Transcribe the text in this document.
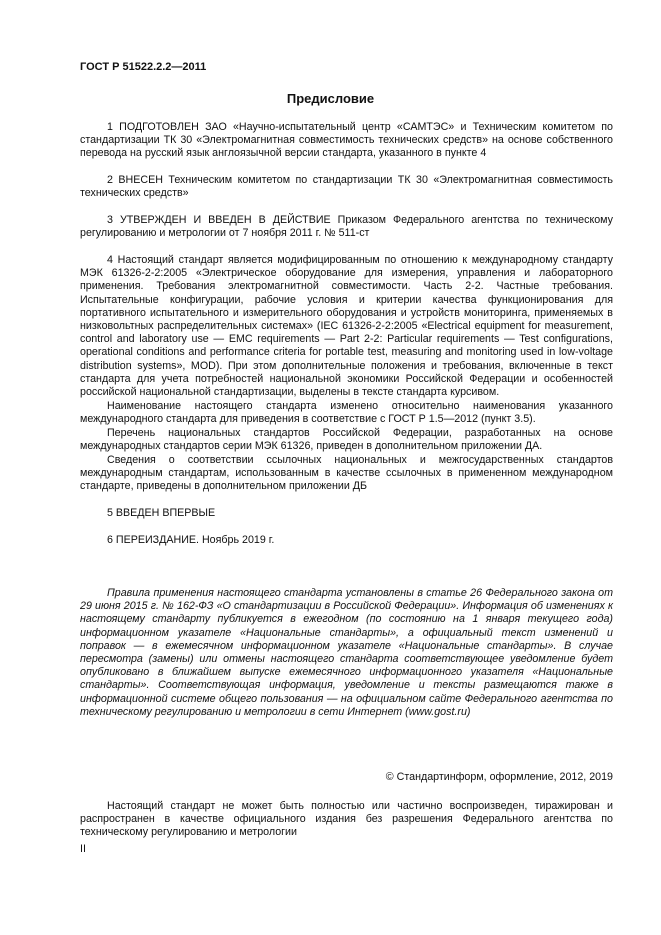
ГОСТ Р 51522.2.2—2011
Предисловие
1 ПОДГОТОВЛЕН ЗАО «Научно-испытательный центр «САМТЭС» и Техническим комитетом по стандартизации ТК 30 «Электромагнитная совместимость технических средств» на основе собственного перевода на русский язык англоязычной версии стандарта, указанного в пункте 4
2 ВНЕСЕН Техническим комитетом по стандартизации ТК 30 «Электромагнитная совместимость технических средств»
3 УТВЕРЖДЕН И ВВЕДЕН В ДЕЙСТВИЕ Приказом Федерального агентства по техническому регулированию и метрологии от 7 ноября 2011 г. № 511-ст
4 Настоящий стандарт является модифицированным по отношению к международному стандарту МЭК 61326-2-2:2005 «Электрическое оборудование для измерения, управления и лабораторного применения. Требования электромагнитной совместимости. Часть 2-2. Частные требования. Испытательные конфигурации, рабочие условия и критерии качества функционирования для портативного испытательного и измерительного оборудования и устройств мониторинга, применяемых в низковольтных распределительных системах» (IEC 61326-2-2:2005 «Electrical equipment for measurement, control and laboratory use — EMC requirements — Part 2-2: Particular requirements — Test configurations, operational conditions and performance criteria for portable test, measuring and monitoring used in low-voltage distribution systems», MOD). При этом дополнительные положения и требования, включенные в текст стандарта для учета потребностей национальной экономики Российской Федерации и особенностей российской национальной стандартизации, выделены в тексте стандарта курсивом.
Наименование настоящего стандарта изменено относительно наименования указанного международного стандарта для приведения в соответствие с ГОСТ Р 1.5—2012 (пункт 3.5).
Перечень национальных стандартов Российской Федерации, разработанных на основе международных стандартов серии МЭК 61326, приведен в дополнительном приложении ДА.
Сведения о соответствии ссылочных национальных и межгосударственных стандартов международным стандартам, использованным в качестве ссылочных в примененном международном стандарте, приведены в дополнительном приложении ДБ
5 ВВЕДЕН ВПЕРВЫЕ
6 ПЕРЕИЗДАНИЕ. Ноябрь 2019 г.
Правила применения настоящего стандарта установлены в статье 26 Федерального закона от 29 июня 2015 г. № 162-ФЗ «О стандартизации в Российской Федерации». Информация об изменениях к настоящему стандарту публикуется в ежегодном (по состоянию на 1 января текущего года) информационном указателе «Национальные стандарты», а официальный текст изменений и поправок — в ежемесячном информационном указателе «Национальные стандарты». В случае пересмотра (замены) или отмены настоящего стандарта соответствующее уведомление будет опубликовано в ближайшем выпуске ежемесячного информационного указателя «Национальные стандарты». Соответствующая информация, уведомление и тексты размещаются также в информационной системе общего пользования — на официальном сайте Федерального агентства по техническому регулированию и метрологии в сети Интернет (www.gost.ru)
© Стандартинформ, оформление, 2012, 2019
Настоящий стандарт не может быть полностью или частично воспроизведен, тиражирован и распространен в качестве официального издания без разрешения Федерального агентства по техническому регулированию и метрологии
II
